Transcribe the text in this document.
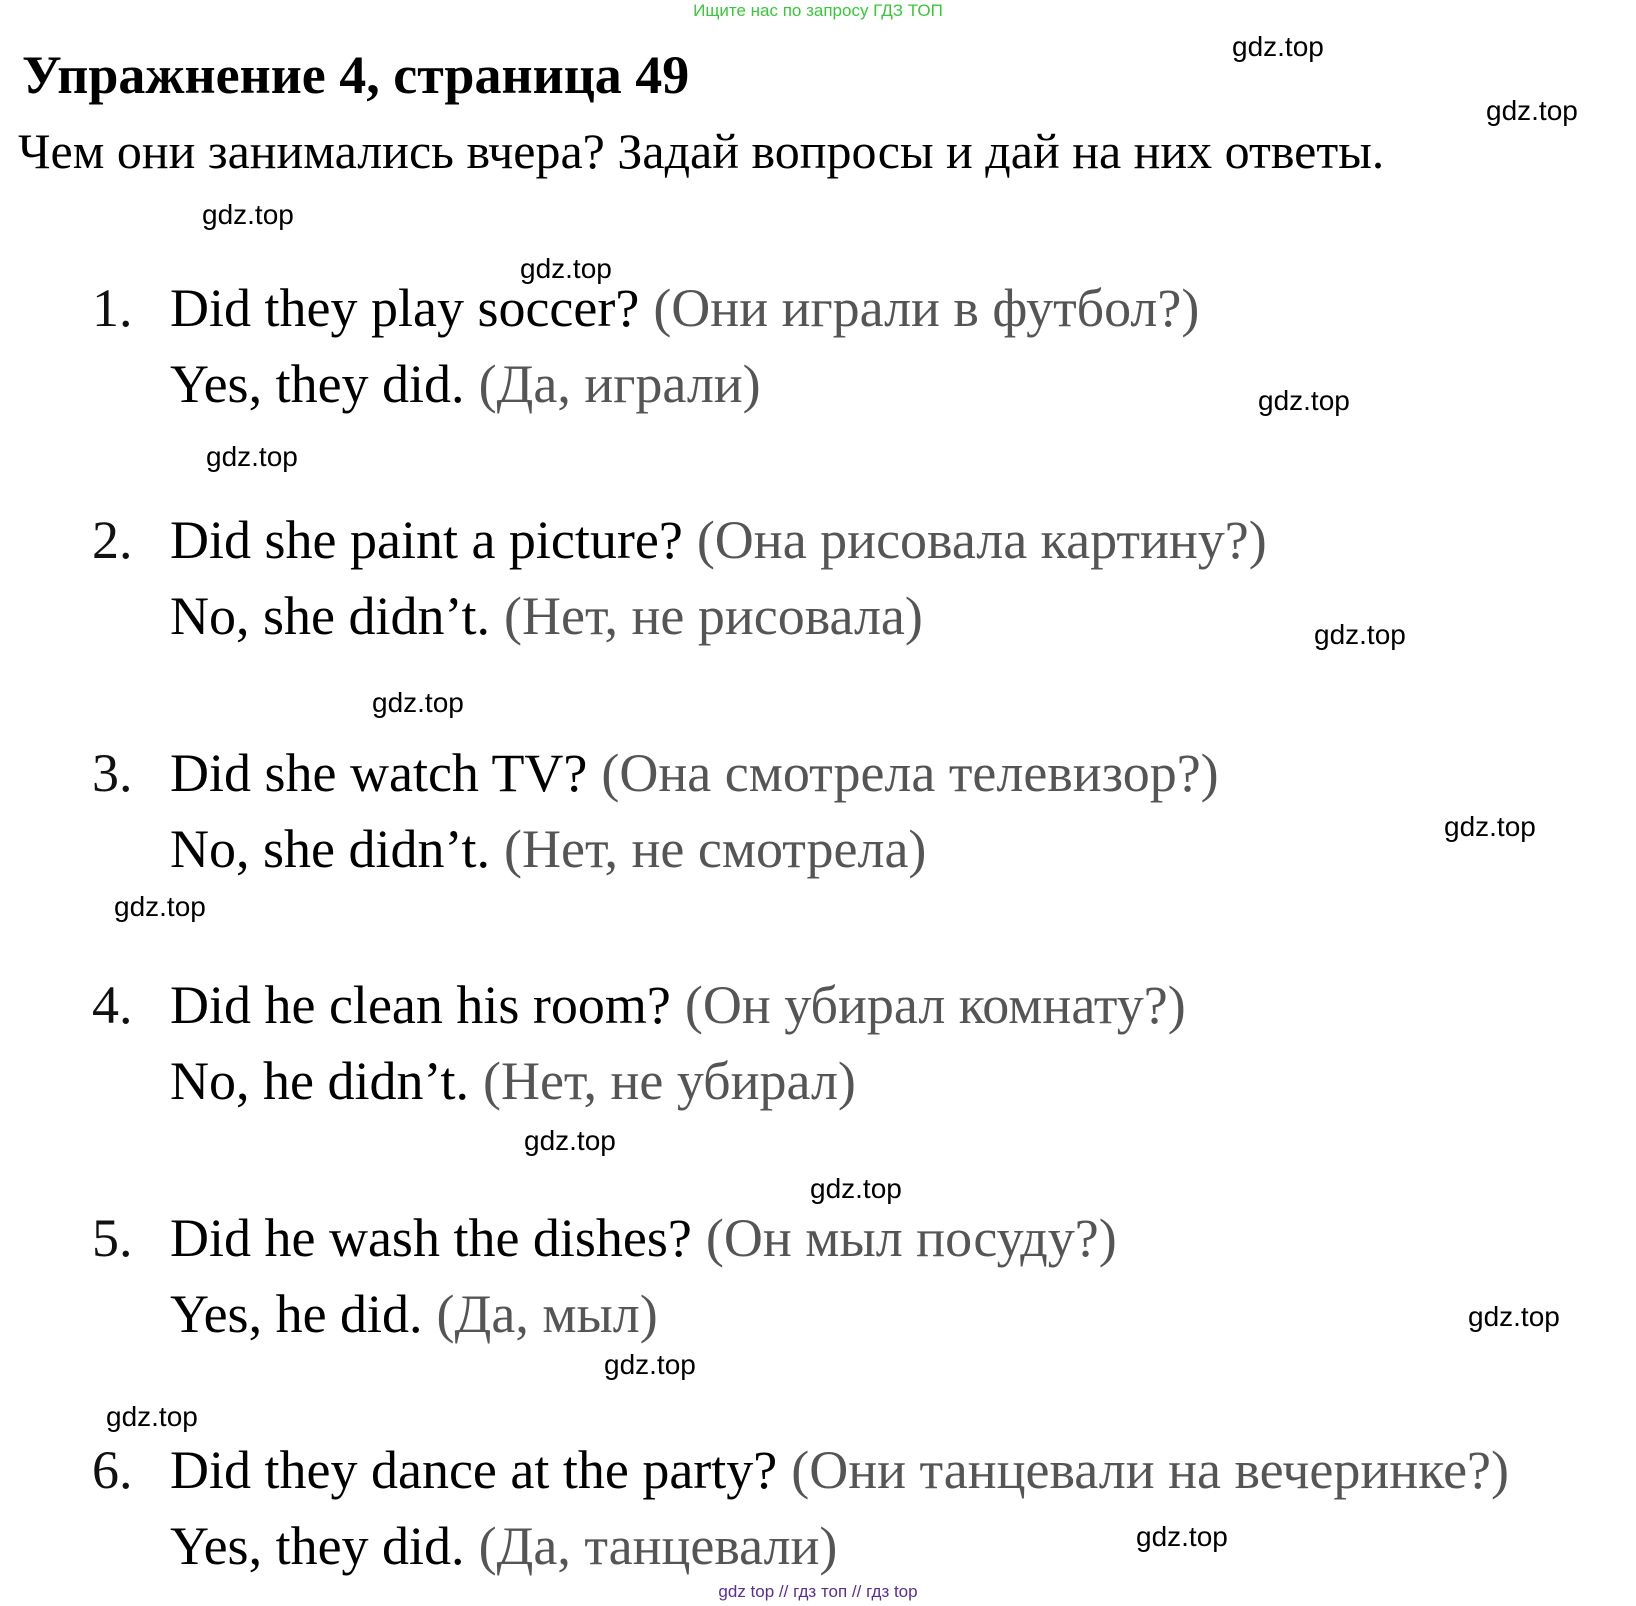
Ищите нас по запросу ГДЗ ТОП
Упражнение 4, страница 49
Чем они занимались вчера? Задай вопросы и дай на них ответы.
1. Did they play soccer? (Они играли в футбол?)
Yes, they did. (Да, играли)
2. Did she paint a picture? (Она рисовала картину?)
No, she didn’t. (Нет, не рисовала)
3. Did she watch TV? (Она смотрела телевизор?)
No, she didn’t. (Нет, не смотрела)
4. Did he clean his room? (Он убирал комнату?)
No, he didn’t. (Нет, не убирал)
5. Did he wash the dishes? (Он мыл посуду?)
Yes, he did. (Да, мыл)
6. Did they dance at the party? (Они танцевали на вечеринке?)
Yes, they did. (Да, танцевали)
gdz.top
gdz.top
gdz.top
gdz.top
gdz.top
gdz.top
gdz.top
gdz.top
gdz.top
gdz.top
gdz.top
gdz.top
gdz.top
gdz.top
gdz.top
gdz.top
gdz top // гдз топ // гдз top
